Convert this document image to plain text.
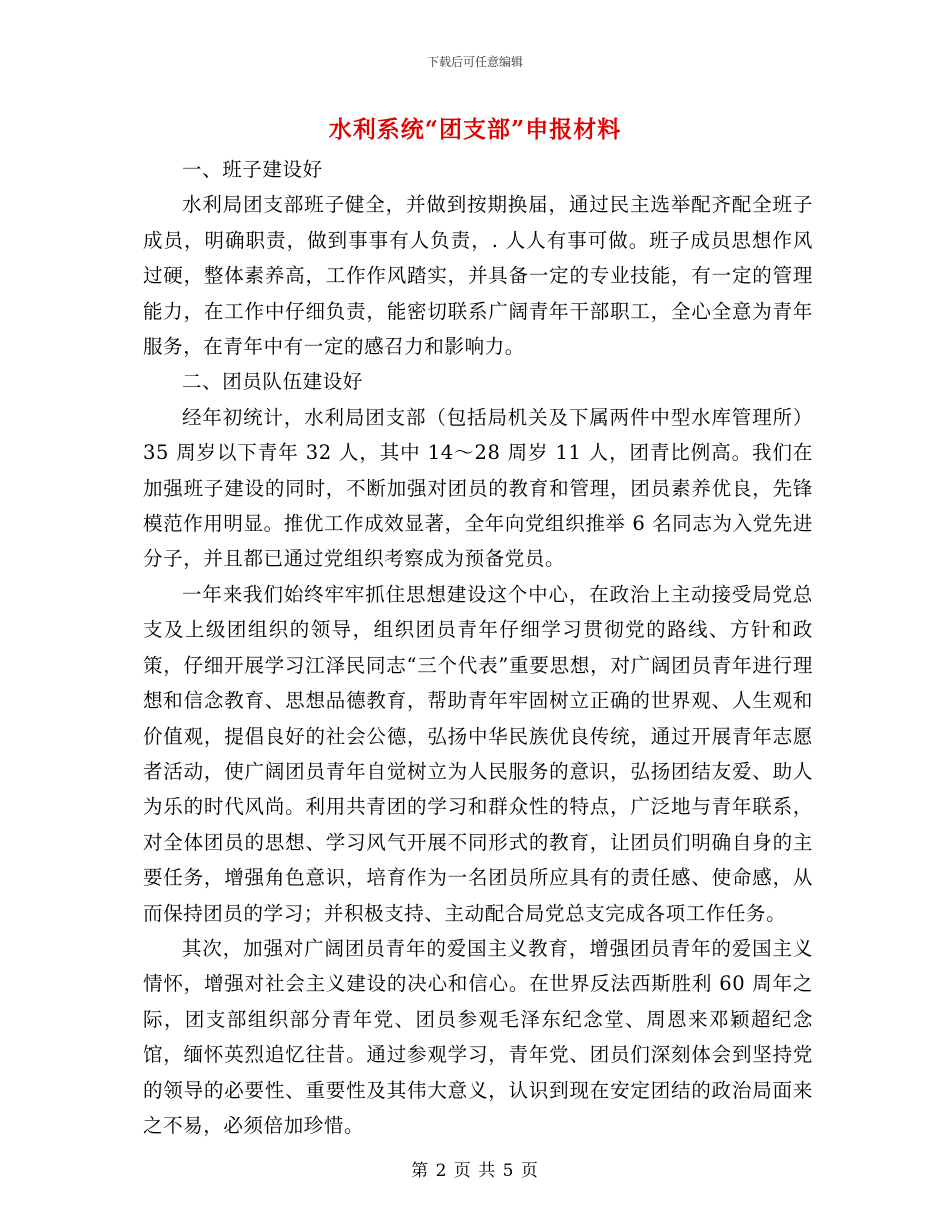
下载后可任意编辑
水利系统“团支部”申报材料

一、班子建设好

水利局团支部班子健全，并做到按期换届，通过民主选举配齐配全班子成员，明确职责，做到事事有人负责，. 人人有事可做。班子成员思想作风过硬，整体素养高，工作作风踏实，并具备一定的专业技能，有一定的管理能力，在工作中仔细负责，能密切联系广阔青年干部职工，全心全意为青年服务，在青年中有一定的感召力和影响力。

二、团员队伍建设好

经年初统计，水利局团支部（包括局机关及下属两件中型水库管理所）35 周岁以下青年 32 人，其中 14～28 周岁 11 人，团青比例高。我们在加强班子建设的同时，不断加强对团员的教育和管理，团员素养优良，先锋模范作用明显。推优工作成效显著，全年向党组织推举 6 名同志为入党先进分子，并且都已通过党组织考察成为预备党员。

一年来我们始终牢牢抓住思想建设这个中心，在政治上主动接受局党总支及上级团组织的领导，组织团员青年仔细学习贯彻党的路线、方针和政策，仔细开展学习江泽民同志“三个代表”重要思想，对广阔团员青年进行理想和信念教育、思想品德教育，帮助青年牢固树立正确的世界观、人生观和价值观，提倡良好的社会公德，弘扬中华民族优良传统，通过开展青年志愿者活动，使广阔团员青年自觉树立为人民服务的意识，弘扬团结友爱、助人为乐的时代风尚。利用共青团的学习和群众性的特点，广泛地与青年联系，对全体团员的思想、学习风气开展不同形式的教育，让团员们明确自身的主要任务，增强角色意识，培育作为一名团员所应具有的责任感、使命感，从而保持团员的学习；并积极支持、主动配合局党总支完成各项工作任务。

其次，加强对广阔团员青年的爱国主义教育，增强团员青年的爱国主义情怀，增强对社会主义建设的决心和信心。在世界反法西斯胜利 60 周年之际，团支部组织部分青年党、团员参观毛泽东纪念堂、周恩来邓颖超纪念馆，缅怀英烈追忆往昔。通过参观学习，青年党、团员们深刻体会到坚持党的领导的必要性、重要性及其伟大意义，认识到现在安定团结的政治局面来之不易，必须倍加珍惜。

第 2 页 共 5 页
